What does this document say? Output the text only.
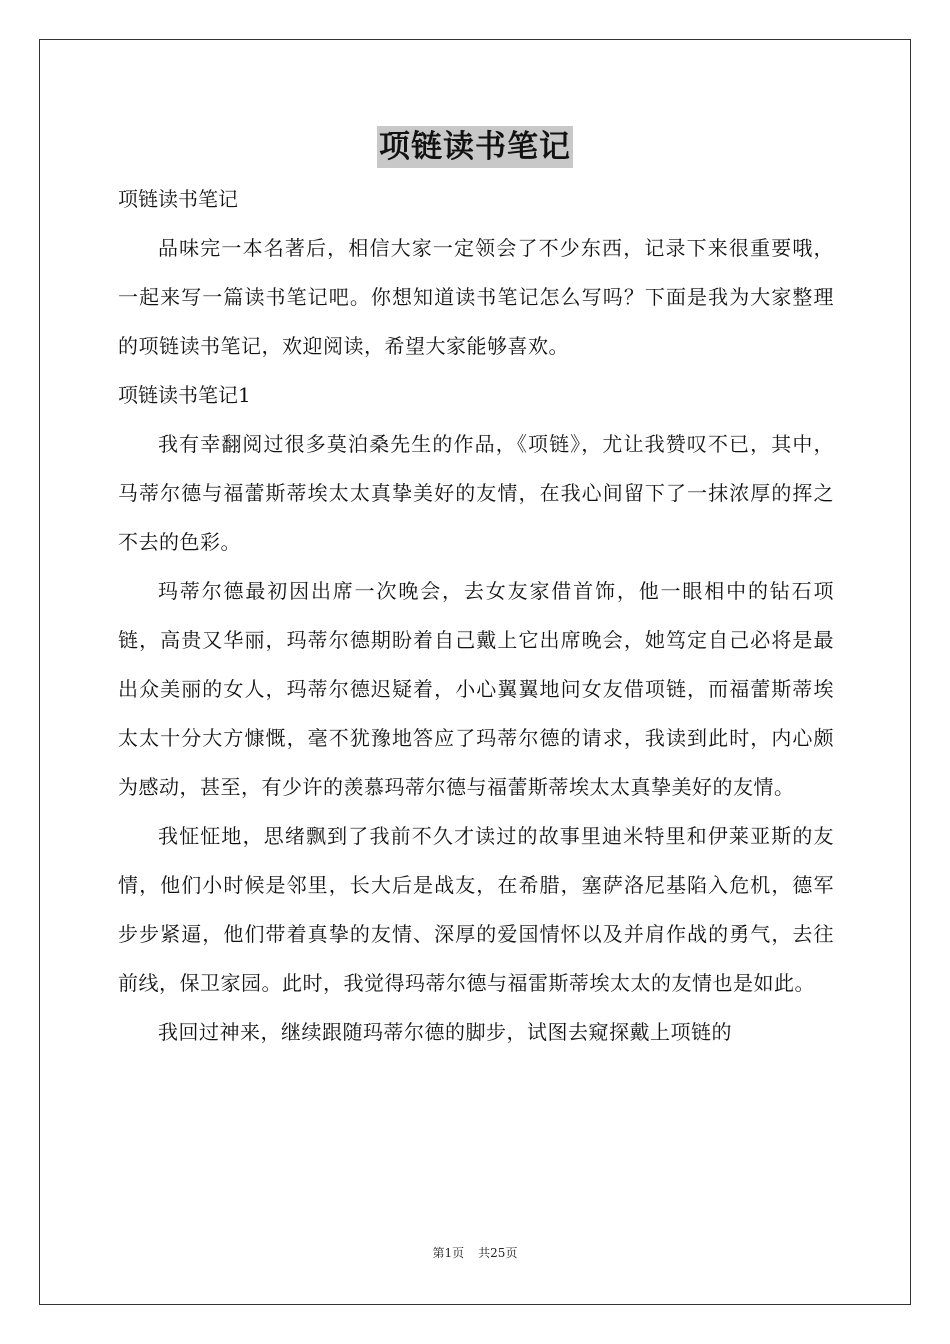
项链读书笔记

项链读书笔记

品味完一本名著后，相信大家一定领会了不少东西，记录下来很重要哦，一起来写一篇读书笔记吧。你想知道读书笔记怎么写吗？下面是我为大家整理的项链读书笔记，欢迎阅读，希望大家能够喜欢。

项链读书笔记1

我有幸翻阅过很多莫泊桑先生的作品，《项链》，尤让我赞叹不已，其中，马蒂尔德与福蕾斯蒂埃太太真挚美好的友情，在我心间留下了一抹浓厚的挥之不去的色彩。

玛蒂尔德最初因出席一次晚会，去女友家借首饰，他一眼相中的钻石项链，高贵又华丽，玛蒂尔德期盼着自己戴上它出席晚会，她笃定自己必将是最出众美丽的女人，玛蒂尔德迟疑着，小心翼翼地问女友借项链，而福蕾斯蒂埃太太十分大方慷慨，毫不犹豫地答应了玛蒂尔德的请求，我读到此时，内心颇为感动，甚至，有少许的羡慕玛蒂尔德与福蕾斯蒂埃太太真挚美好的友情。

我怔怔地，思绪飘到了我前不久才读过的故事里迪米特里和伊莱亚斯的友情，他们小时候是邻里，长大后是战友，在希腊，塞萨洛尼基陷入危机，德军步步紧逼，他们带着真挚的友情、深厚的爱国情怀以及并肩作战的勇气，去往前线，保卫家园。此时，我觉得玛蒂尔德与福雷斯蒂埃太太的友情也是如此。

我回过神来，继续跟随玛蒂尔德的脚步，试图去窥探戴上项链的

第1页 共25页
